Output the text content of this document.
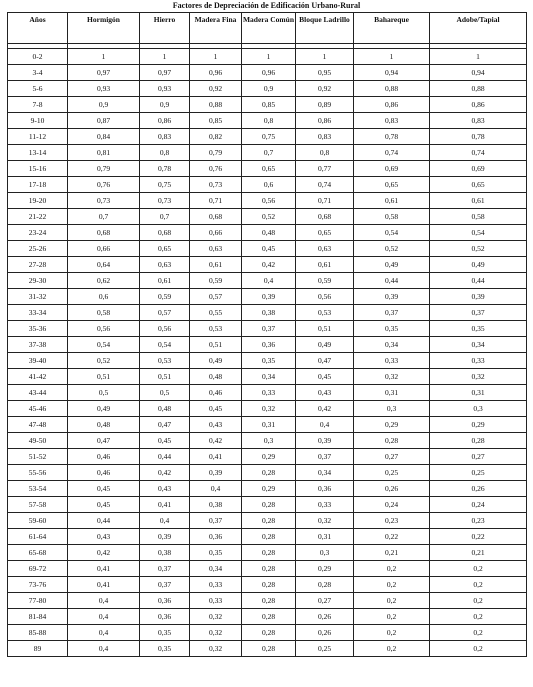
Factores de Depreciación de Edificación Urbano-Rural
Años	Hormigón	Hierro	Madera Fina	Madera Común	Bloque Ladrillo	Bahareque	Adobe/Tapial

0-2	1	1	1	1	1	1	1
3-4	0,97	0,97	0,96	0,96	0,95	0,94	0,94
5-6	0,93	0,93	0,92	0,9	0,92	0,88	0,88
7-8	0,9	0,9	0,88	0,85	0,89	0,86	0,86
9-10	0,87	0,86	0,85	0,8	0,86	0,83	0,83
11-12	0,84	0,83	0,82	0,75	0,83	0,78	0,78
13-14	0,81	0,8	0,79	0,7	0,8	0,74	0,74
15-16	0,79	0,78	0,76	0,65	0,77	0,69	0,69
17-18	0,76	0,75	0,73	0,6	0,74	0,65	0,65
19-20	0,73	0,73	0,71	0,56	0,71	0,61	0,61
21-22	0,7	0,7	0,68	0,52	0,68	0,58	0,58
23-24	0,68	0,68	0,66	0,48	0,65	0,54	0,54
25-26	0,66	0,65	0,63	0,45	0,63	0,52	0,52
27-28	0,64	0,63	0,61	0,42	0,61	0,49	0,49
29-30	0,62	0,61	0,59	0,4	0,59	0,44	0,44
31-32	0,6	0,59	0,57	0,39	0,56	0,39	0,39
33-34	0,58	0,57	0,55	0,38	0,53	0,37	0,37
35-36	0,56	0,56	0,53	0,37	0,51	0,35	0,35
37-38	0,54	0,54	0,51	0,36	0,49	0,34	0,34
39-40	0,52	0,53	0,49	0,35	0,47	0,33	0,33
41-42	0,51	0,51	0,48	0,34	0,45	0,32	0,32
43-44	0,5	0,5	0,46	0,33	0,43	0,31	0,31
45-46	0,49	0,48	0,45	0,32	0,42	0,3	0,3
47-48	0,48	0,47	0,43	0,31	0,4	0,29	0,29
49-50	0,47	0,45	0,42	0,3	0,39	0,28	0,28
51-52	0,46	0,44	0,41	0,29	0,37	0,27	0,27
55-56	0,46	0,42	0,39	0,28	0,34	0,25	0,25
53-54	0,45	0,43	0,4	0,29	0,36	0,26	0,26
57-58	0,45	0,41	0,38	0,28	0,33	0,24	0,24
59-60	0,44	0,4	0,37	0,28	0,32	0,23	0,23
61-64	0,43	0,39	0,36	0,28	0,31	0,22	0,22
65-68	0,42	0,38	0,35	0,28	0,3	0,21	0,21
69-72	0,41	0,37	0,34	0,28	0,29	0,2	0,2
73-76	0,41	0,37	0,33	0,28	0,28	0,2	0,2
77-80	0,4	0,36	0,33	0,28	0,27	0,2	0,2
81-84	0,4	0,36	0,32	0,28	0,26	0,2	0,2
85-88	0,4	0,35	0,32	0,28	0,26	0,2	0,2
89	0,4	0,35	0,32	0,28	0,25	0,2	0,2
